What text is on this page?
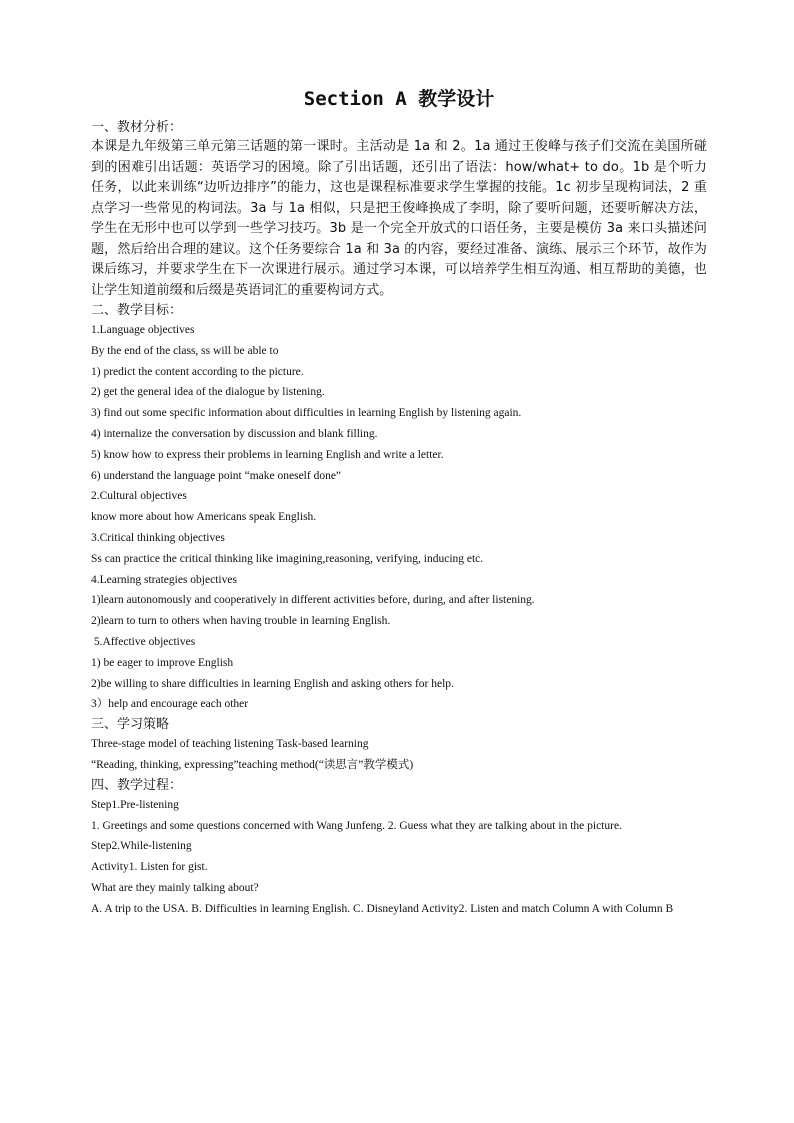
Section A 教学设计
一、教材分析：
本课是九年级第三单元第三话题的第一课时。主活动是 1a 和 2。1a 通过王俊峰与孩子们交流在美国所碰到的困难引出话题：英语学习的困境。除了引出话题，还引出了语法：how/what+ to do。1b 是个听力任务，以此来训练“边听边排序”的能力，这也是课程标准要求学生掌握的技能。1c 初步呈现构词法，2 重点学习一些常见的构词法。3a 与 1a 相似，只是把王俊峰换成了李明，除了要听问题，还要听解决方法，学生在无形中也可以学到一些学习技巧。3b 是一个完全开放式的口语任务，主要是模仿 3a 来口头描述问题，然后给出合理的建议。这个任务要综合 1a 和 3a 的内容，要经过准备、演练、展示三个环节，故作为课后练习，并要求学生在下一次课进行展示。通过学习本课，可以培养学生相互沟通、相互帮助的美德，也让学生知道前缀和后缀是英语词汇的重要构词方式。
二、教学目标：
1.Language objectives
By the end of the class, ss will be able to
1) predict the content according to the picture.
2) get the general idea of the dialogue by listening.
3) find out some specific information about difficulties in learning English by listening again.
4) internalize the conversation by discussion and blank filling.
5) know how to express their problems in learning English and write a letter.
6) understand the language point “make oneself done”
2.Cultural objectives
know more about how Americans speak English.
3.Critical thinking objectives
Ss can practice the critical thinking like imagining,reasoning, verifying, inducing etc.
4.Learning strategies objectives
1)learn autonomously and cooperatively in different activities before, during, and after listening.
2)learn to turn to others when having trouble in learning English.
5.Affective objectives
1) be eager to improve English
2)be willing to share difficulties in learning English and asking others for help.
3）help and encourage each other
三、学习策略
Three-stage model of teaching listening Task-based learning
“Reading, thinking, expressing”teaching method(“读思言”教学模式)
四、教学过程：
Step1.Pre-listening
1. Greetings and some questions concerned with Wang Junfeng. 2. Guess what they are talking about in the picture.
Step2.While-listening
Activity1. Listen for gist.
What are they mainly talking about?
A. A trip to the USA. B. Difficulties in learning English. C. Disneyland Activity2. Listen and match Column A with Column B
